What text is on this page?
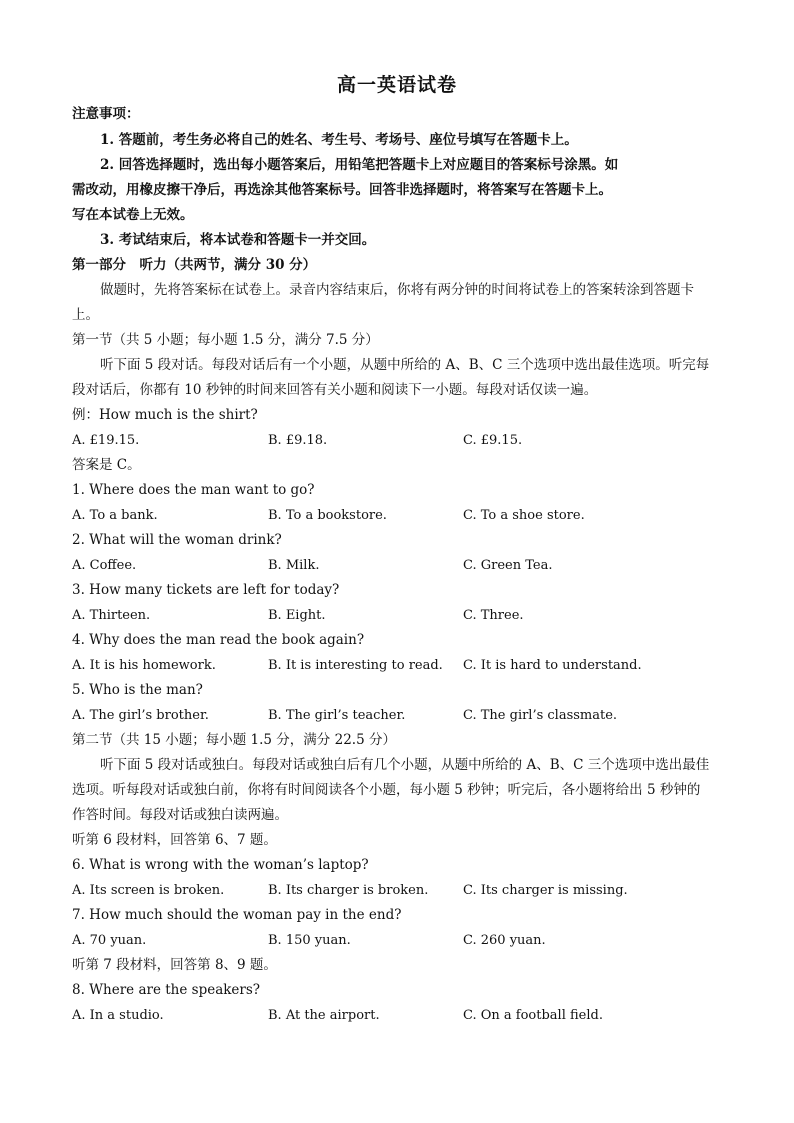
高一英语试卷
注意事项：
1. 答题前，考生务必将自己的姓名、考生号、考场号、座位号填写在答题卡上。
2. 回答选择题时，选出每小题答案后，用铅笔把答题卡上对应题目的答案标号涂黑。如
需改动，用橡皮擦干净后，再选涂其他答案标号。回答非选择题时，将答案写在答题卡上。
写在本试卷上无效。
3. 考试结束后，将本试卷和答题卡一并交回。
第一部分　听力（共两节，满分 30 分）
做题时，先将答案标在试卷上。录音内容结束后，你将有两分钟的时间将试卷上的答案转涂到答题卡
上。
第一节（共 5 小题；每小题 1.5 分，满分 7.5 分）
听下面 5 段对话。每段对话后有一个小题，从题中所给的 A、B、C 三个选项中选出最佳选项。听完每
段对话后，你都有 10 秒钟的时间来回答有关小题和阅读下一小题。每段对话仅读一遍。
例：How much is the shirt?
A. £19.15.	B. £9.18.	C. £9.15.
答案是 C。
1. Where does the man want to go?
A. To a bank.	B. To a bookstore.	C. To a shoe store.
2. What will the woman drink?
A. Coffee.	B. Milk.	C. Green Tea.
3. How many tickets are left for today?
A. Thirteen.	B. Eight.	C. Three.
4. Why does the man read the book again?
A. It is his homework.	B. It is interesting to read. C. It is hard to understand.
5. Who is the man?
A. The girl’s brother.	B. The girl’s teacher.	C. The girl’s classmate.
第二节（共 15 小题；每小题 1.5 分，满分 22.5 分）
听下面 5 段对话或独白。每段对话或独白后有几个小题，从题中所给的 A、B、C 三个选项中选出最佳
选项。听每段对话或独白前，你将有时间阅读各个小题，每小题 5 秒钟；听完后，各小题将给出 5 秒钟的
作答时间。每段对话或独白读两遍。
听第 6 段材料，回答第 6、7 题。
6. What is wrong with the woman’s laptop?
A. Its screen is broken.	B. Its charger is broken.	C. Its charger is missing.
7. How much should the woman pay in the end?
A. 70 yuan.	B. 150 yuan.	C. 260 yuan.
听第 7 段材料，回答第 8、9 题。
8. Where are the speakers?
A. In a studio.	B. At the airport.	C. On a football field.
